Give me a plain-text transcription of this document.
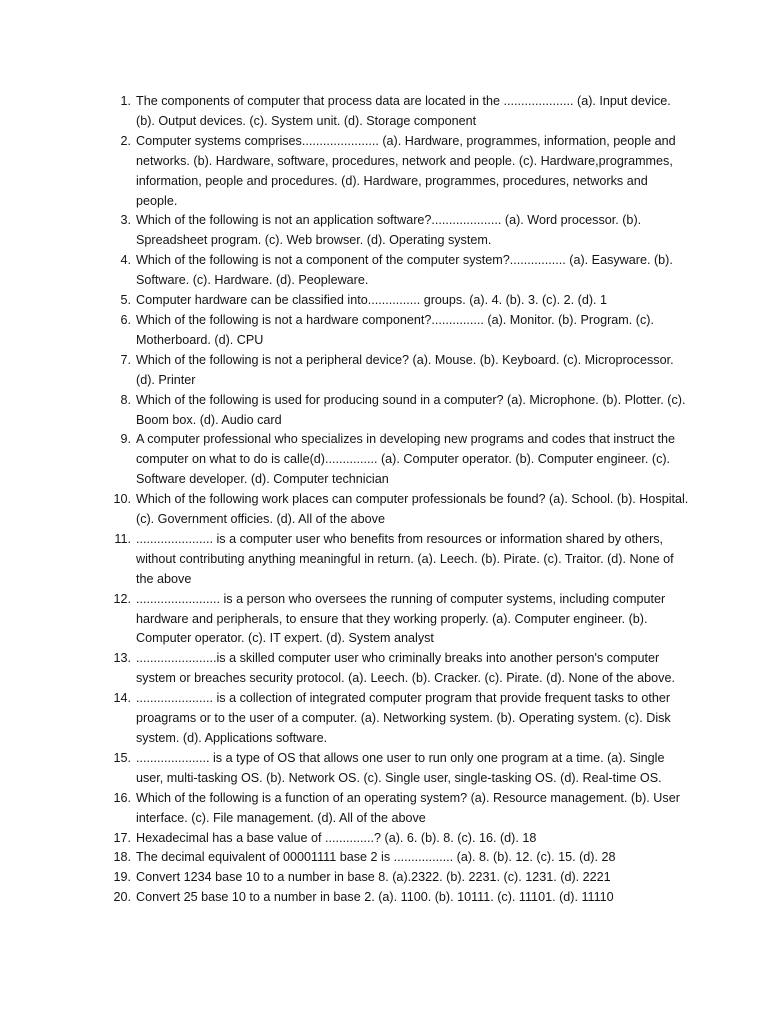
1. The components of computer that process data are located in the .................... (a). Input device. (b). Output devices. (c). System unit. (d). Storage component
2. Computer systems comprises...................... (a). Hardware, programmes, information, people and networks. (b). Hardware, software, procedures, network and people. (c). Hardware,programmes, information, people and procedures. (d). Hardware, programmes, procedures, networks and people.
3. Which of the following is not an application software?.................... (a). Word processor. (b). Spreadsheet program. (c). Web browser. (d). Operating system.
4. Which of the following is not a component of the computer system?................ (a). Easyware. (b). Software. (c). Hardware. (d). Peopleware.
5. Computer hardware can be classified into............... groups. (a). 4. (b). 3. (c). 2. (d). 1
6. Which of the following is not a hardware component?............... (a). Monitor. (b). Program. (c). Motherboard. (d). CPU
7. Which of the following is not a peripheral device? (a). Mouse. (b). Keyboard. (c). Microprocessor. (d). Printer
8. Which of the following is used for producing sound in a computer? (a). Microphone. (b). Plotter. (c). Boom box. (d). Audio card
9. A computer professional who specializes in developing new programs and codes that instruct the computer on what to do is calle(d)............... (a). Computer operator. (b). Computer engineer. (c). Software developer. (d). Computer technician
10. Which of the following work places can computer professionals be found? (a). School. (b). Hospital. (c). Government officies. (d). All of the above
11. ...................... is a computer user who benefits from resources or information shared by others, without contributing anything meaningful in return. (a). Leech. (b). Pirate. (c). Traitor. (d). None of the above
12. ........................ is a person who oversees the running of computer systems, including computer hardware and peripherals, to ensure that they working properly. (a). Computer engineer. (b). Computer operator. (c). IT expert. (d). System analyst
13. .......................is a skilled computer user who criminally breaks into another person's computer system or breaches security protocol. (a). Leech. (b). Cracker. (c). Pirate. (d). None of the above.
14. ...................... is a collection of integrated computer program that provide frequent tasks to other proagrams or to the user of a computer. (a). Networking system. (b). Operating system. (c). Disk system. (d). Applications software.
15. ..................... is a type of OS that allows one user to run only one program at a time. (a). Single user, multi-tasking OS. (b). Network OS. (c). Single user, single-tasking OS. (d). Real-time OS.
16. Which of the following is a function of an operating system? (a). Resource management. (b). User interface. (c). File management. (d). All of the above
17. Hexadecimal has a base value of ..............? (a). 6. (b). 8. (c). 16. (d). 18
18. The decimal equivalent of 00001111 base 2 is ................. (a). 8. (b). 12. (c). 15. (d). 28
19. Convert 1234 base 10 to a number in base 8. (a).2322. (b). 2231. (c). 1231. (d). 2221
20. Convert 25 base 10 to a number in base 2. (a). 1100. (b). 10111. (c). 11101. (d). 11110
